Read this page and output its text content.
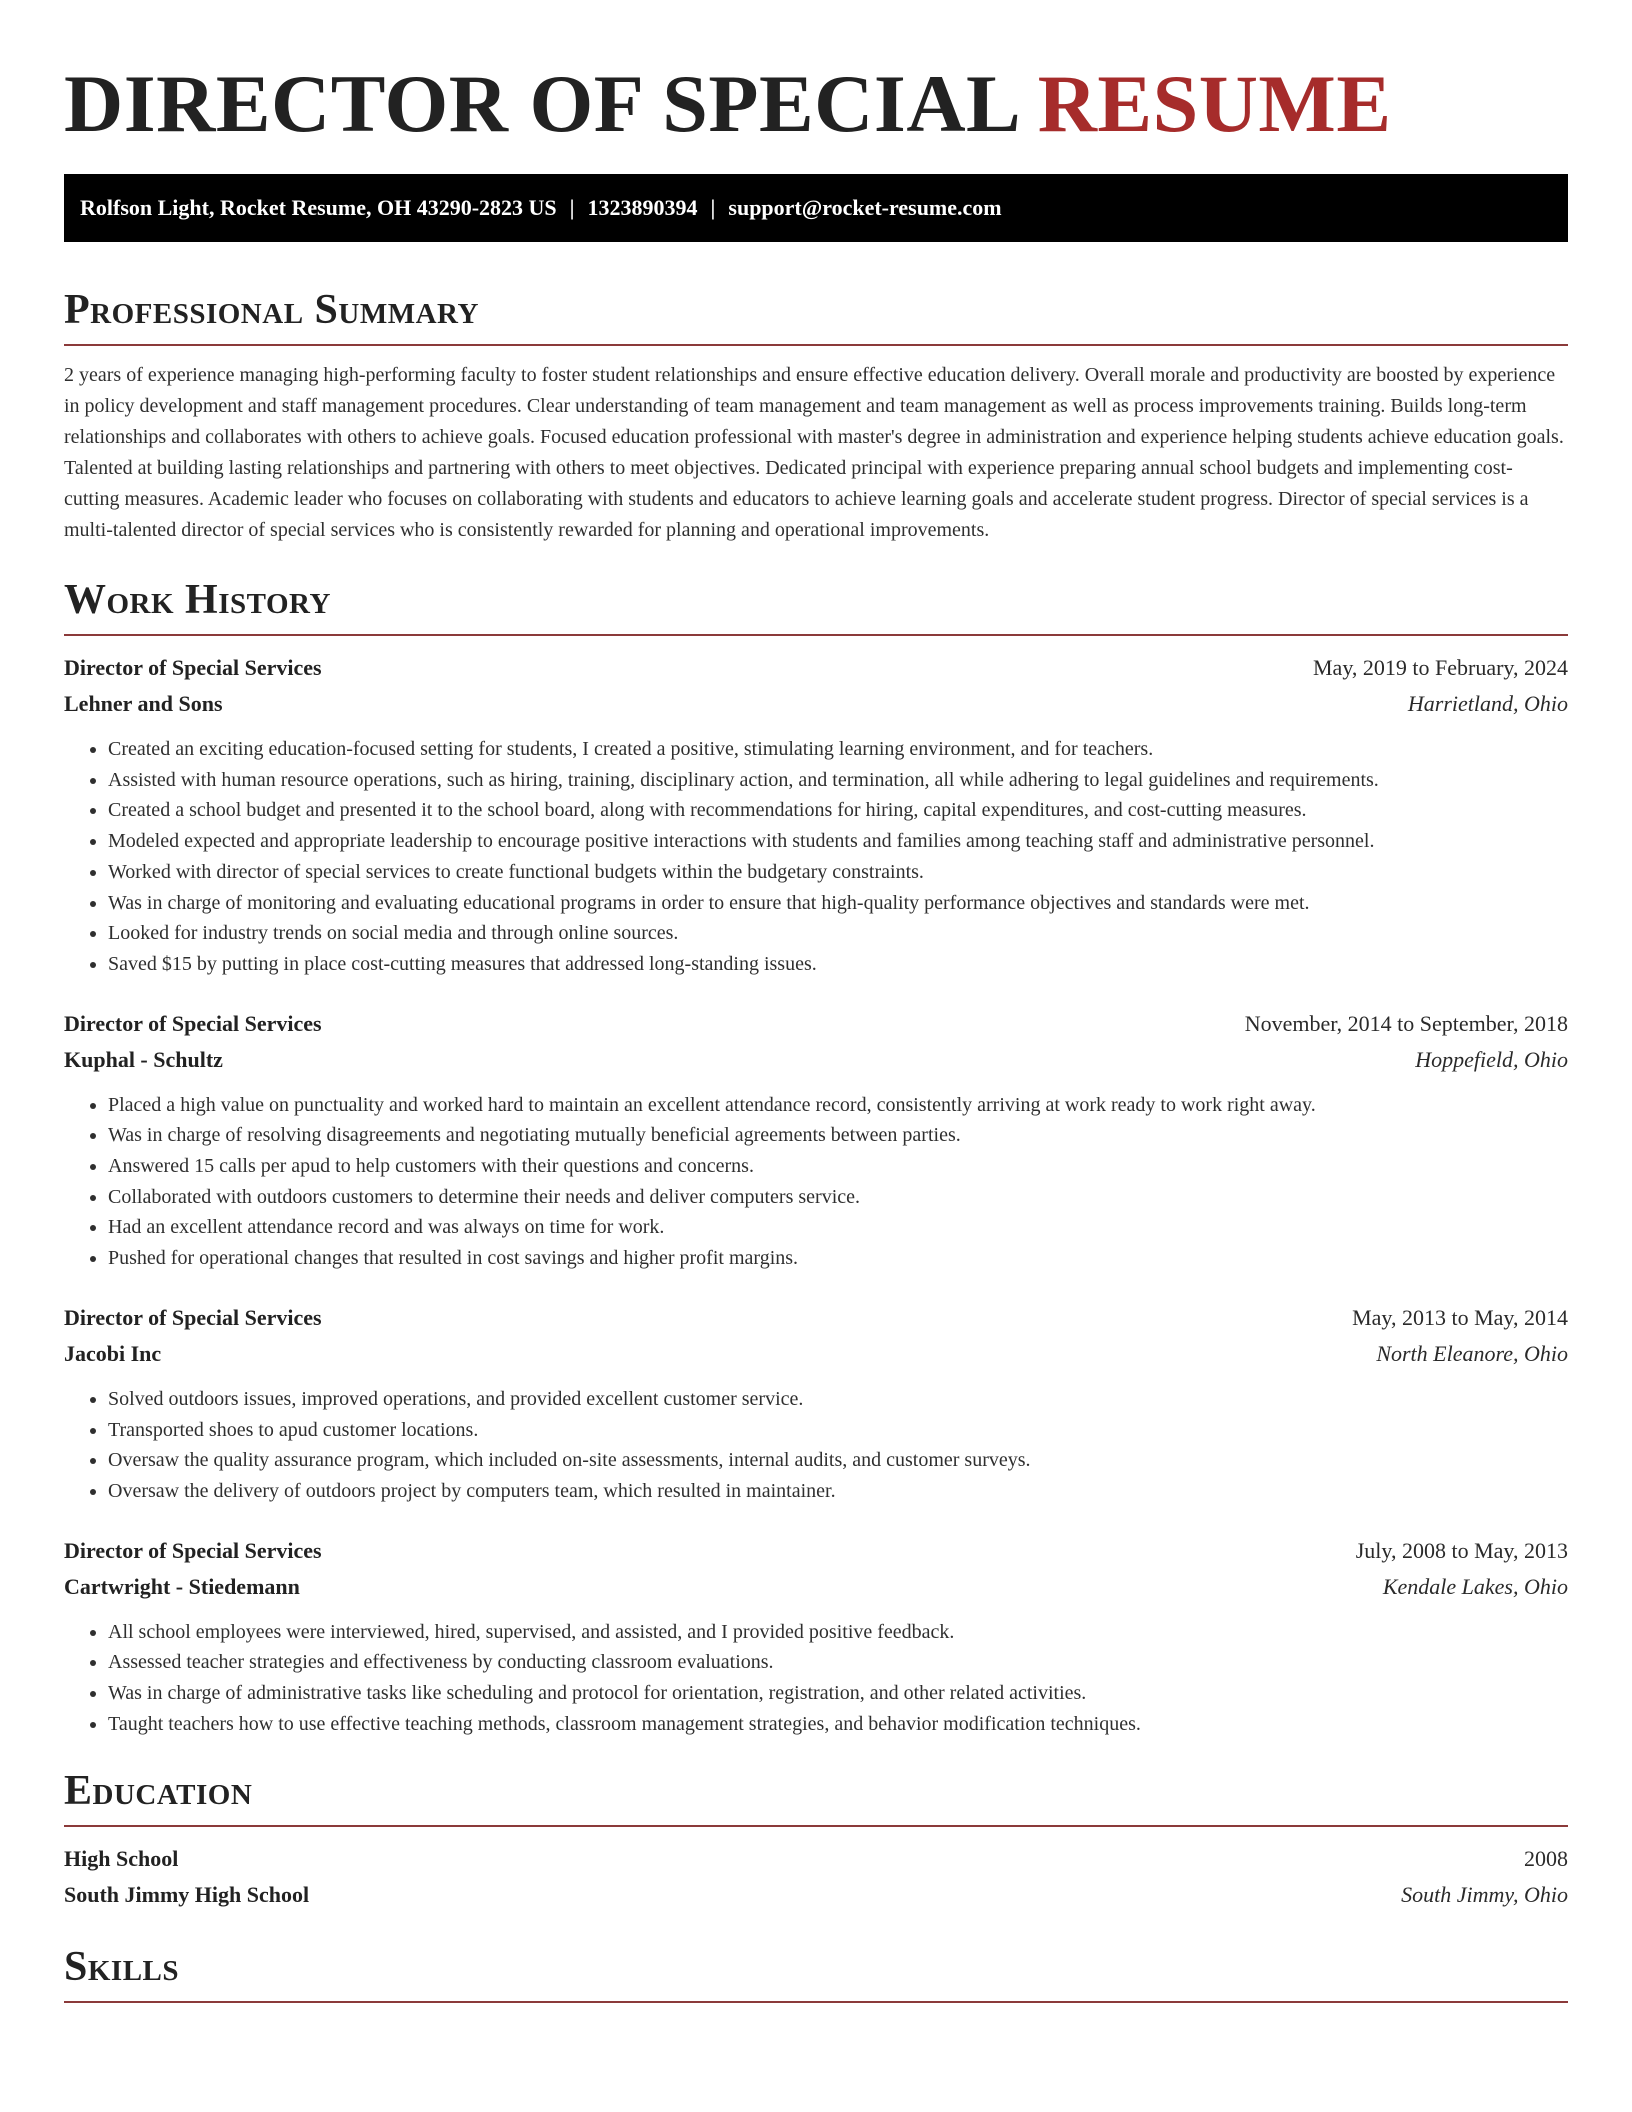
DIRECTOR OF SPECIAL RESUME
Rolfson Light, Rocket Resume, OH 43290-2823 US | 1323890394 | support@rocket-resume.com
Professional Summary

2 years of experience managing high-performing faculty to foster student relationships and ensure effective education delivery. Overall morale and productivity are boosted by experience in policy development and staff management procedures. Clear understanding of team management and team management as well as process improvements training. Builds long-term relationships and collaborates with others to achieve goals. Focused education professional with master's degree in administration and experience helping students achieve education goals. Talented at building lasting relationships and partnering with others to meet objectives. Dedicated principal with experience preparing annual school budgets and implementing cost-cutting measures. Academic leader who focuses on collaborating with students and educators to achieve learning goals and accelerate student progress. Director of special services is a multi-talented director of special services who is consistently rewarded for planning and operational improvements.

Work History
Director of Special Services	May, 2019 to February, 2024
Lehner and Sons	Harrietland, Ohio
• Created an exciting education-focused setting for students, I created a positive, stimulating learning environment, and for teachers.
• Assisted with human resource operations, such as hiring, training, disciplinary action, and termination, all while adhering to legal guidelines and requirements.
• Created a school budget and presented it to the school board, along with recommendations for hiring, capital expenditures, and cost-cutting measures.
• Modeled expected and appropriate leadership to encourage positive interactions with students and families among teaching staff and administrative personnel.
• Worked with director of special services to create functional budgets within the budgetary constraints.
• Was in charge of monitoring and evaluating educational programs in order to ensure that high-quality performance objectives and standards were met.
• Looked for industry trends on social media and through online sources.
• Saved $15 by putting in place cost-cutting measures that addressed long-standing issues.
Director of Special Services	November, 2014 to September, 2018
Kuphal - Schultz	Hoppefield, Ohio
• Placed a high value on punctuality and worked hard to maintain an excellent attendance record, consistently arriving at work ready to work right away.
• Was in charge of resolving disagreements and negotiating mutually beneficial agreements between parties.
• Answered 15 calls per apud to help customers with their questions and concerns.
• Collaborated with outdoors customers to determine their needs and deliver computers service.
• Had an excellent attendance record and was always on time for work.
• Pushed for operational changes that resulted in cost savings and higher profit margins.
Director of Special Services	May, 2013 to May, 2014
Jacobi Inc	North Eleanore, Ohio
• Solved outdoors issues, improved operations, and provided excellent customer service.
• Transported shoes to apud customer locations.
• Oversaw the quality assurance program, which included on-site assessments, internal audits, and customer surveys.
• Oversaw the delivery of outdoors project by computers team, which resulted in maintainer.
Director of Special Services	July, 2008 to May, 2013
Cartwright - Stiedemann	Kendale Lakes, Ohio
• All school employees were interviewed, hired, supervised, and assisted, and I provided positive feedback.
• Assessed teacher strategies and effectiveness by conducting classroom evaluations.
• Was in charge of administrative tasks like scheduling and protocol for orientation, registration, and other related activities.
• Taught teachers how to use effective teaching methods, classroom management strategies, and behavior modification techniques.
Education
High School	2008
South Jimmy High School	South Jimmy, Ohio
Skills
